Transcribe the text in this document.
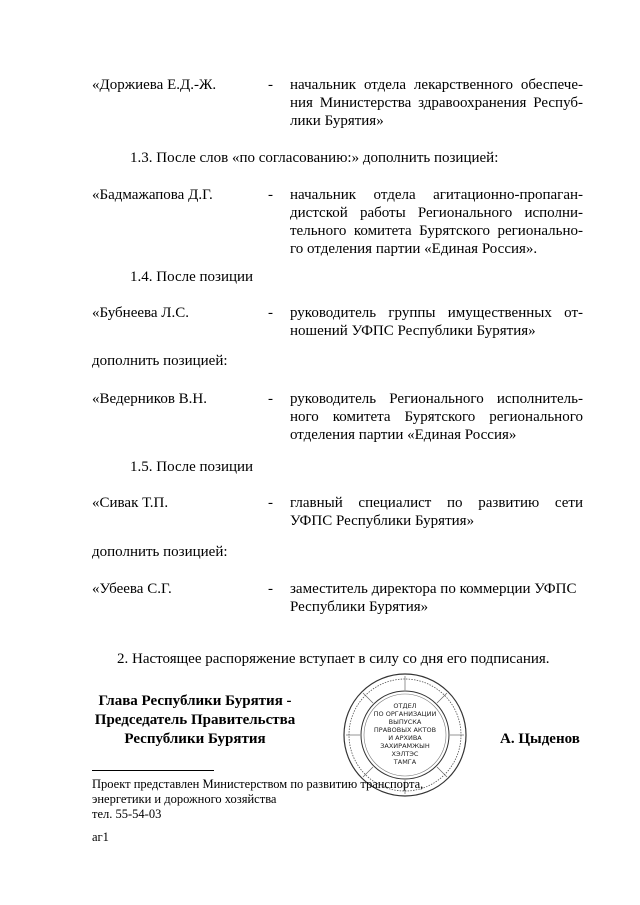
«Доржиева Е.Д.-Ж.	- начальник отдела лекарственного обеспече-
ния Министерства здравоохранения Респуб-
лики Бурятия»
1.3. После слов «по согласованию:» дополнить позицией:
«Бадмажапова Д.Г.	- начальник отдела агитационно-пропаган-
дистской работы Регионального исполни-
тельного комитета Бурятского регионально-
го отделения партии «Единая Россия».
1.4. После позиции
«Бубнеева Л.С.	- руководитель группы имущественных от-
ношений УФПС Республики Бурятия»
дополнить позицией:
«Ведерников В.Н.	- руководитель Регионального исполнитель-
ного комитета Бурятского регионального
отделения партии «Единая Россия»
1.5. После позиции
«Сивак Т.П.	- главный специалист по развитию сети
УФПС Республики Бурятия»
дополнить позицией:
«Убеева С.Г.	- заместитель директора по коммерции УФПС
Республики Бурятия»
2. Настоящее распоряжение вступает в силу со дня его подписания.
Глава Республики Бурятия -
Председатель Правительства
Республики Бурятия
ОТДЕЛ
ПО ОРГАНИЗАЦИИ
ВЫПУСКА
ПРАВОВЫХ АКТОВ
И АРХИВА
ЗАХИРАМЖЫН
ХЭЛТЭС
ТАМГА
А. Цыденов
Проект представлен Министерством по развитию транспорта,
энергетики и дорожного хозяйства
тел. 55-54-03
аг1
